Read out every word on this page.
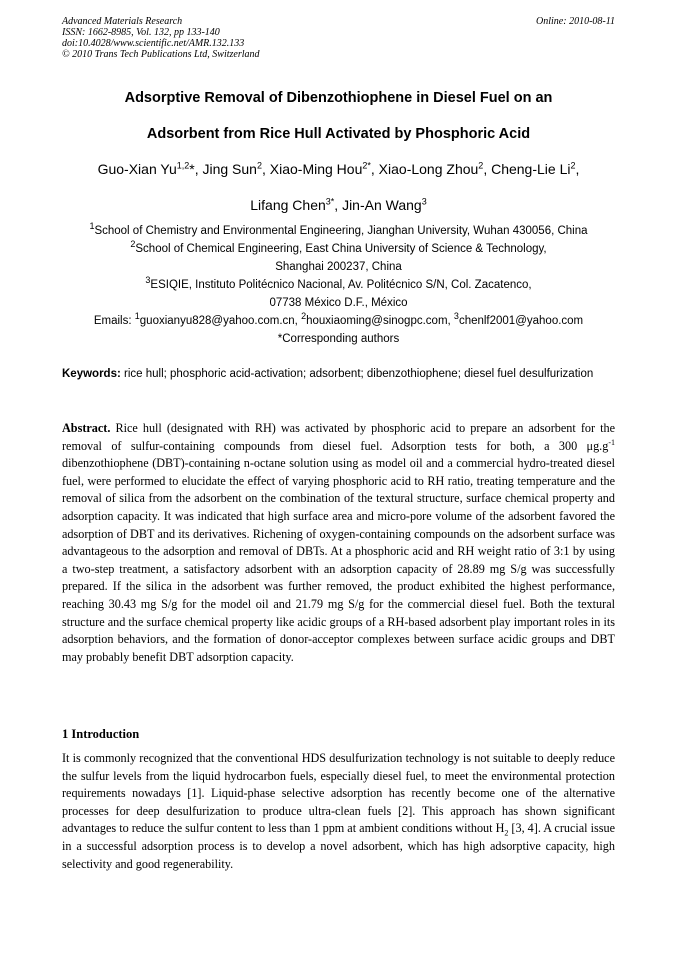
Advanced Materials Research
ISSN: 1662-8985, Vol. 132, pp 133-140
doi:10.4028/www.scientific.net/AMR.132.133
© 2010 Trans Tech Publications Ltd, Switzerland
Online: 2010-08-11
Adsorptive Removal of Dibenzothiophene in Diesel Fuel on an
Adsorbent from Rice Hull Activated by Phosphoric Acid
Guo-Xian Yu$^{1,2}$*, Jing Sun$^2$, Xiao-Ming Hou$^{2*}$, Xiao-Long Zhou$^2$, Cheng-Lie Li$^2$,
Lifang Chen$^{3*}$, Jin-An Wang$^3$
$^1$School of Chemistry and Environmental Engineering, Jianghan University, Wuhan 430056, China
$^2$School of Chemical Engineering, East China University of Science & Technology,
Shanghai 200237, China
$^3$ESIQIE, Instituto Politécnico Nacional, Av. Politécnico S/N, Col. Zacatenco,
07738 México D.F., México
Emails: $^1$guoxianyu828@yahoo.com.cn, $^2$houxiaoming@sinogpc.com, $^3$chenlf2001@yahoo.com
*Corresponding authors
Keywords: rice hull; phosphoric acid-activation; adsorbent; dibenzothiophene; diesel fuel desulfurization
Abstract. Rice hull (designated with RH) was activated by phosphoric acid to prepare an adsorbent for the removal of sulfur-containing compounds from diesel fuel. Adsorption tests for both, a 300 $\mu g.g^{-1}$ dibenzothiophene (DBT)-containing n-octane solution using as model oil and a commercial hydro-treated diesel fuel, were performed to elucidate the effect of varying phosphoric acid to RH ratio, treating temperature and the removal of silica from the adsorbent on the combination of the textural structure, surface chemical property and adsorption capacity. It was indicated that high surface area and micro-pore volume of the adsorbent favored the adsorption of DBT and its derivatives. Richening of oxygen-containing compounds on the adsorbent surface was advantageous to the adsorption and removal of DBTs. At a phosphoric acid and RH weight ratio of 3:1 by using a two-step treatment, a satisfactory adsorbent with an adsorption capacity of 28.89 mg S/g was successfully prepared. If the silica in the adsorbent was further removed, the product exhibited the highest performance, reaching 30.43 mg S/g for the model oil and 21.79 mg S/g for the commercial diesel fuel. Both the textural structure and the surface chemical property like acidic groups of a RH-based adsorbent play important roles in its adsorption behaviors, and the formation of donor-acceptor complexes between surface acidic groups and DBT may probably benefit DBT adsorption capacity.
1 Introduction
It is commonly recognized that the conventional HDS desulfurization technology is not suitable to deeply reduce the sulfur levels from the liquid hydrocarbon fuels, especially diesel fuel, to meet the environmental protection requirements nowadays [1]. Liquid-phase selective adsorption has recently become one of the alternative processes for deep desulfurization to produce ultra-clean fuels [2]. This approach has shown significant advantages to reduce the sulfur content to less than 1 ppm at ambient conditions without $H_2$ [3, 4]. A crucial issue in a successful adsorption process is to develop a novel adsorbent, which has high adsorptive capacity, high selectivity and good regenerability.
